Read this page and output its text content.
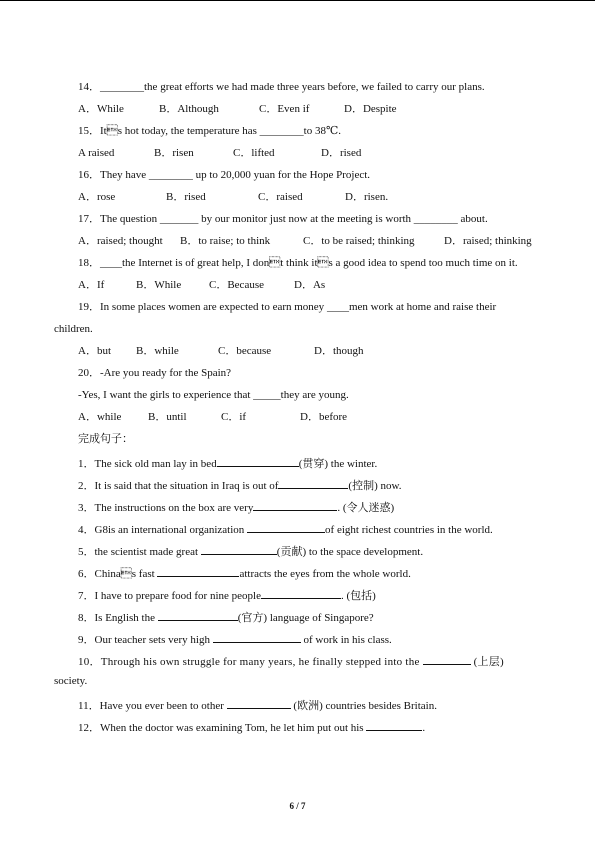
14．________the great efforts we had made three years before, we failed to carry our plans.
A．While	B．Although	C．Even if	D．Despite
15．Its hot today, the temperature has ________to 38℃.
A raised	B．risen	C．lifted	D．rised
16．They have ________ up to 20,000 yuan for the Hope Project.
A．rose	B．rised	C．raised	D．risen.
17．The question _______ by our monitor just now at the meeting is worth ________ about.
A．raised; thought B．to raise; to think	C．to be raised; thinking	D．raised; thinking
18．____the Internet is of great help, I dont think its a good idea to spend too much time on it.
A．If	B．While	C．Because	D．As
19．In some places women are expected to earn money ____men work at home and raise their
children.
A．but B．while	C．because	D．though
20．-Are you ready for the Spain?
-Yes, I want the girls to experience that _____they are young.
A．while B．until	C．if	D．before
完成句子：
1．The sick old man lay in bed	(贯穿) the winter.
2．It is said that the situation in Iraq is out of	(控制) now.
3．The instructions on the box are very	. (令人迷惑)
4．G8is an international organization	of eight richest countries in the world.
5．the scientist made great	(贡献) to the space development.
6．Chinas fast	attracts the eyes from the whole world.
7．I have to prepare food for nine people	. (包括)
8．Is English the	(官方) language of Singapore?
9．Our teacher sets very high	of work in his class.
10．Through his own struggle for many years, he finally stepped into the	(上层)
society.
11．Have you ever been to other	(欧洲) countries besides Britain.
12．When the doctor was examining Tom, he let him put out his	.
6 / 7
